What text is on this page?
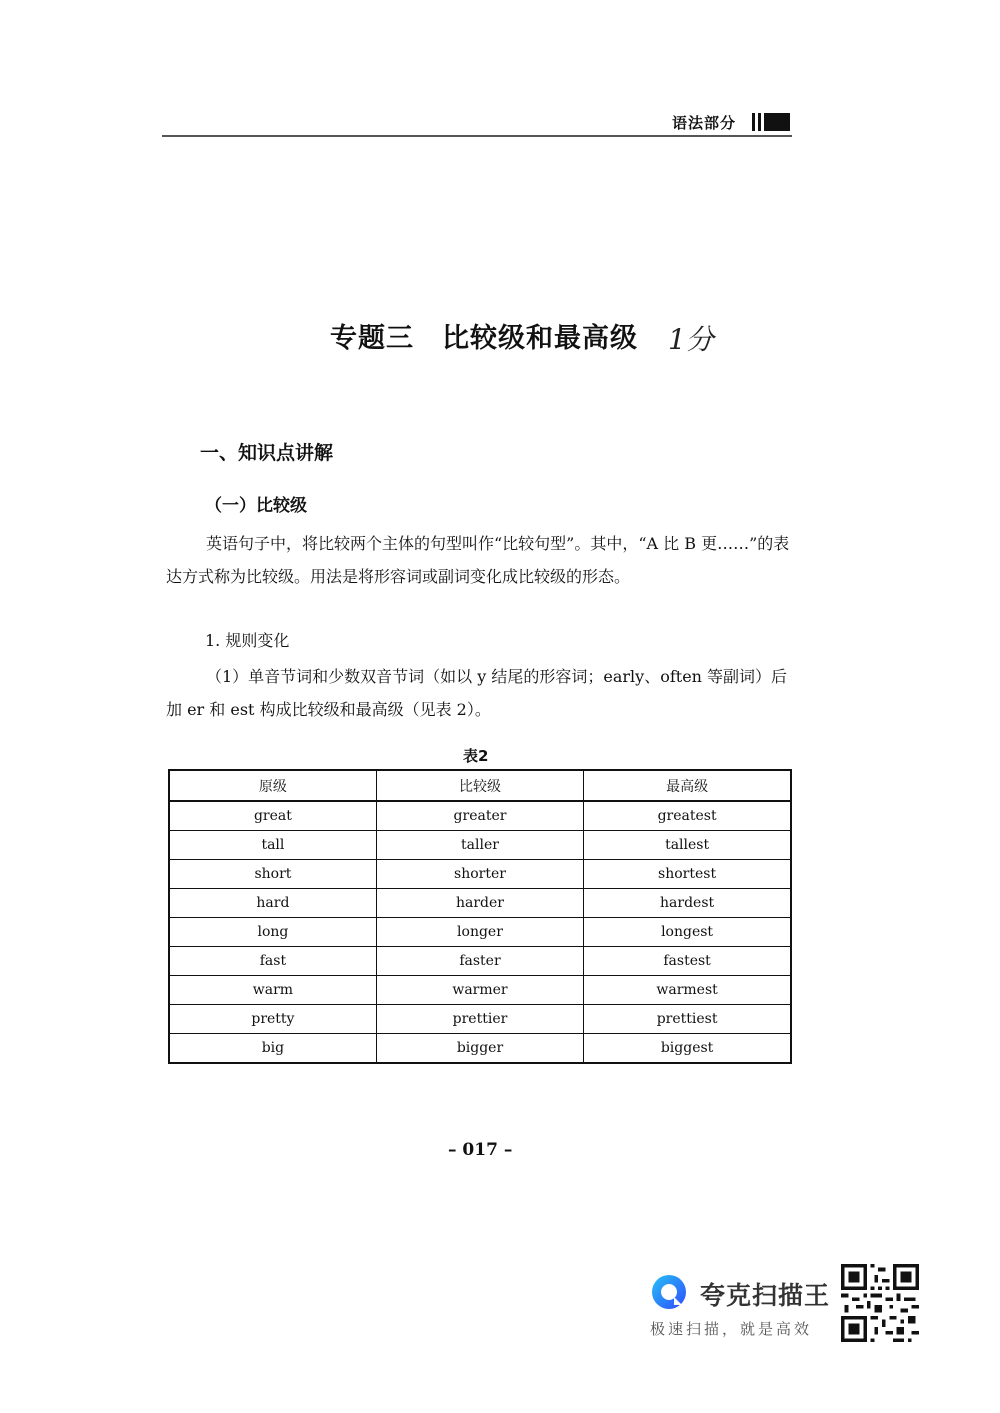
语法部分
专题三　比较级和最高级 1分
一、知识点讲解
（一）比较级
英语句子中，将比较两个主体的句型叫作“比较句型”。其中，“A 比 B 更……”的表达方式称为比较级。用法是将形容词或副词变化成比较级的形态。
1. 规则变化
（1）单音节词和少数双音节词（如以 y 结尾的形容词；early、often 等副词）后加 er 和 est 构成比较级和最高级（见表 2）。
表2
原级	比较级	最高级
great	greater	greatest
tall	taller	tallest
short	shorter	shortest
hard	harder	hardest
long	longer	longest
fast	faster	fastest
warm	warmer	warmest
pretty	prettier	prettiest
big	bigger	biggest
– 017 –
夸克扫描王
极速扫描，就是高效
